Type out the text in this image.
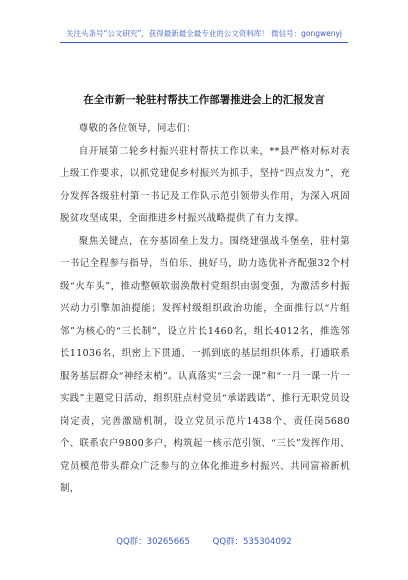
关注头条号“公文研究”，获得最新最全最专业的公文资料库！ 微信号：gongwenyj
在全市新一轮驻村帮扶工作部署推进会上的汇报发言

尊敬的各位领导，同志们：

自开展第二轮乡村振兴驻村帮扶工作以来，**县严格对标对表上级工作要求，以抓党建促乡村振兴为抓手，坚持“四点发力”，充分发挥各级驻村第一书记及工作队示范引领带头作用，为深入巩固脱贫攻坚成果，全面推进乡村振兴战略提供了有力支撑。

聚焦关键点，在夯基固垒上发力。围绕建强战斗堡垒，驻村第一书记全程参与指导，当伯乐、挑好马，助力选优补齐配强32个村级“火车头”，推动整顿软弱涣散村党组织由弱变强，为激活乡村振兴动力引擎加油提能；发挥村级组织政治功能，全面推行以“片组邻”为核心的“三长制”，设立片长1460名，组长4012名，推选邻长11036名，织密上下贯通、一抓到底的基层组织体系，打通联系服务基层群众“神经末梢”。认真落实“三会一课”和“一月一课一片一实践”主题党日活动，组织驻点村党员“承诺践诺”、推行无职党员设岗定责，完善激励机制，设立党员示范片1438个、责任岗5680个、联系农户9800多户，构筑起一核示范引领、“三长”发挥作用、党员模范带头群众广泛参与的立体化推进乡村振兴、共同富裕新机制，

QQ群：30265665	QQ群：535304092
